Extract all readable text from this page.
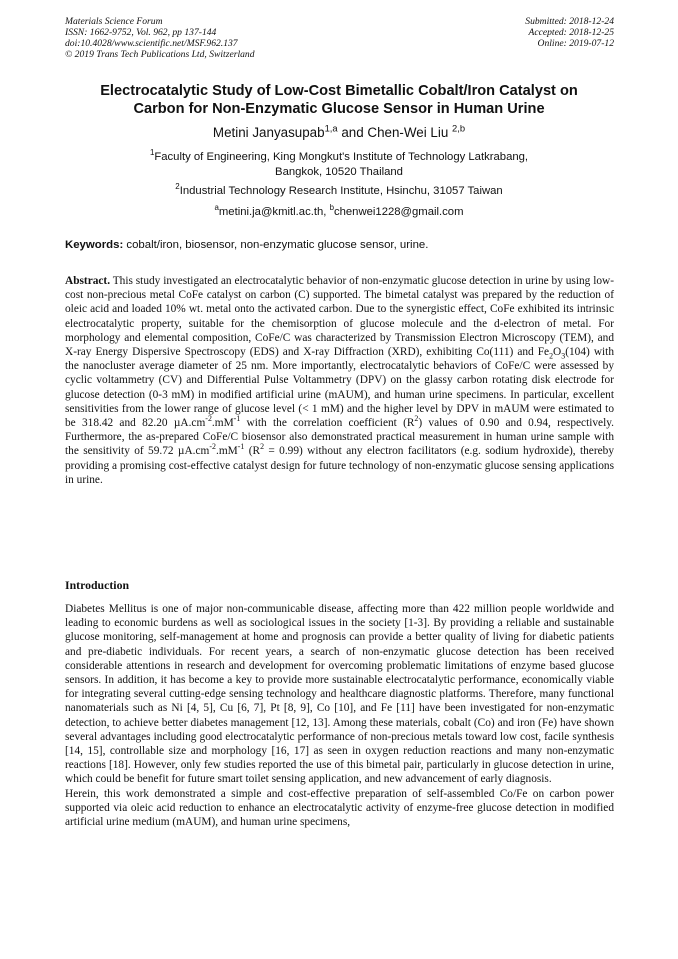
Materials Science Forum
ISSN: 1662-9752, Vol. 962, pp 137-144
doi:10.4028/www.scientific.net/MSF.962.137
© 2019 Trans Tech Publications Ltd, Switzerland
Submitted: 2018-12-24
Accepted: 2018-12-25
Online: 2019-07-12
Electrocatalytic Study of Low-Cost Bimetallic Cobalt/Iron Catalyst on
Carbon for Non-Enzymatic Glucose Sensor in Human Urine
Metini Janyasupab$^{1,a}$ and Chen-Wei Liu $^{2,b}$
$^1$Faculty of Engineering, King Mongkut's Institute of Technology Latkrabang,
Bangkok, 10520 Thailand
$^2$Industrial Technology Research Institute, Hsinchu, 31057 Taiwan
$^a$metini.ja@kmitl.ac.th, $^b$chenwei1228@gmail.com
Keywords: cobalt/iron, biosensor, non-enzymatic glucose sensor, urine.
Abstract. This study investigated an electrocatalytic behavior of non-enzymatic glucose detection in urine by using low-cost non-precious metal CoFe catalyst on carbon (C) supported. The bimetal catalyst was prepared by the reduction of oleic acid and loaded 10% wt. metal onto the activated carbon. Due to the synergistic effect, CoFe exhibited its intrinsic electrocatalytic property, suitable for the chemisorption of glucose molecule and the d-electron of metal. For morphology and elemental composition, CoFe/C was characterized by Transmission Electron Microscopy (TEM), and X-ray Energy Dispersive Spectroscopy (EDS) and X-ray Diffraction (XRD), exhibiting Co(111) and $Fe_2O_3(104)$ with the nanocluster average diameter of 25 nm. More importantly, electrocatalytic behaviors of CoFe/C were assessed by cyclic voltammetry (CV) and Differential Pulse Voltammetry (DPV) on the glassy carbon rotating disk electrode for glucose detection (0-3 mM) in modified artificial urine (mAUM), and human urine specimens. In particular, excellent sensitivities from the lower range of glucose level (< 1 mM) and the higher level by DPV in mAUM were estimated to be 318.42 and 82.20 $\mu A.cm^{-2}.mM^{-1}$ with the correlation coefficient $(R^2)$ values of 0.90 and 0.94, respectively. Furthermore, the as-prepared CoFe/C biosensor also demonstrated practical measurement in human urine sample with the sensitivity of 59.72 $\mu A.cm^{-2}.mM^{-1}$ $(R^2 = 0.99)$ without any electron facilitators (e.g. sodium hydroxide), thereby providing a promising cost-effective catalyst design for future technology of non-enzymatic glucose sensing applications in urine.
Introduction

Diabetes Mellitus is one of major non-communicable disease, affecting more than 422 million people worldwide and leading to economic burdens as well as sociological issues in the society [1-3]. By providing a reliable and sustainable glucose monitoring, self-management at home and prognosis can provide a better quality of living for diabetic patients and pre-diabetic individuals. For recent years, a search of non-enzymatic glucose detection has been received considerable attentions in research and development for overcoming problematic limitations of enzyme based glucose sensors. In addition, it has become a key to provide more sustainable electrocatalytic performance, economically viable for integrating several cutting-edge sensing technology and healthcare diagnostic platforms. Therefore, many functional nanomaterials such as Ni [4, 5], Cu [6, 7], Pt [8, 9], Co [10], and Fe [11] have been investigated for non-enzymatic detection, to achieve better diabetes management [12, 13]. Among these materials, cobalt (Co) and iron (Fe) have shown several advantages including good electrocatalytic performance of non-precious metals toward low cost, facile synthesis [14, 15], controllable size and morphology [16, 17] as seen in oxygen reduction reactions and many non-enzymatic reactions [18]. However, only few studies reported the use of this bimetal pair, particularly in glucose detection in urine, which could be benefit for future smart toilet sensing application, and new advancement of early diagnosis.

Herein, this work demonstrated a simple and cost-effective preparation of self-assembled Co/Fe on carbon power supported via oleic acid reduction to enhance an electrocatalytic activity of enzyme-free glucose detection in modified artificial urine medium (mAUM), and human urine specimens,
